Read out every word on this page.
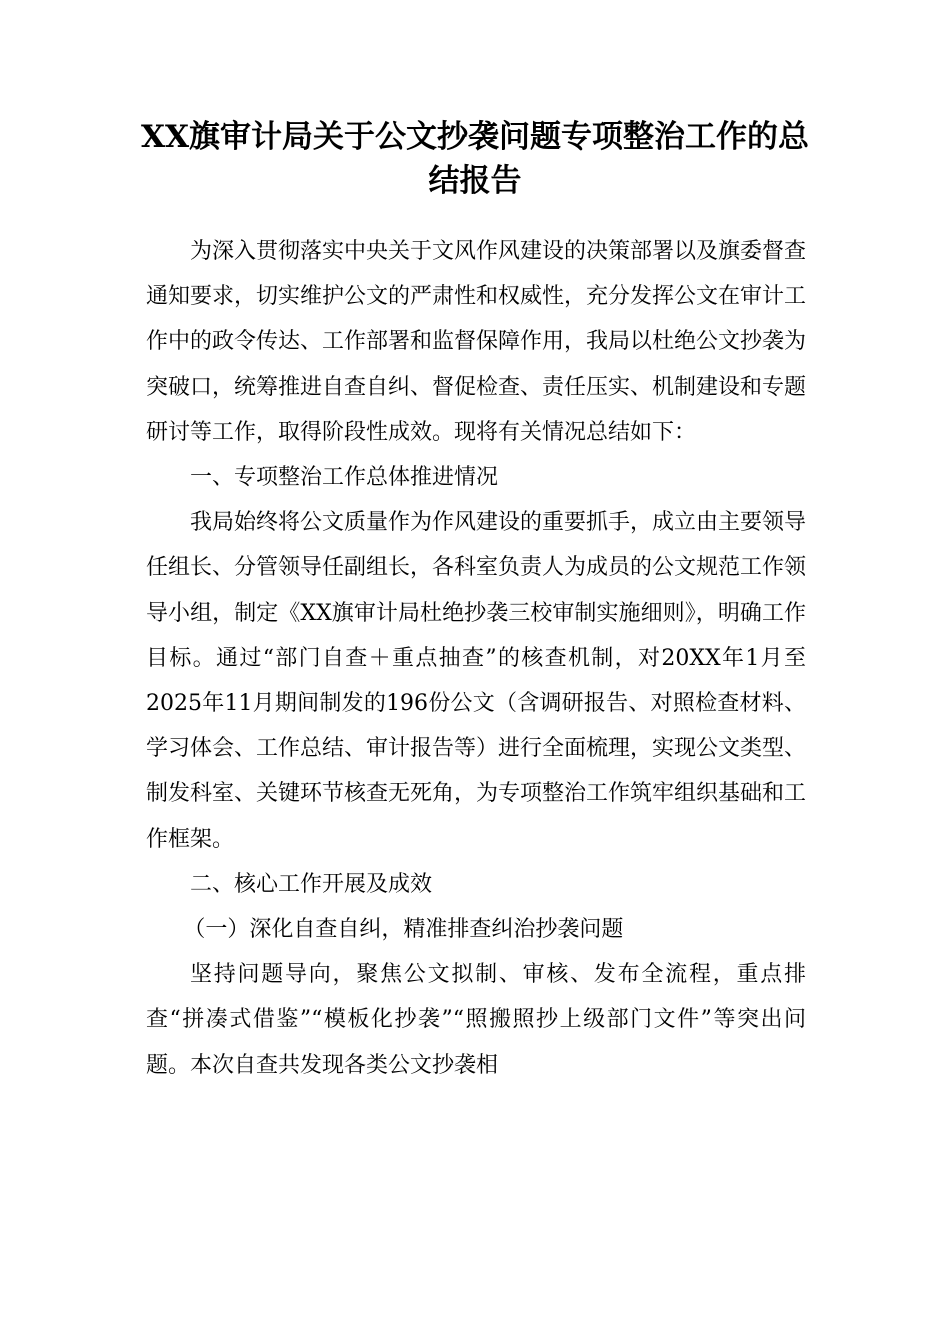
XX旗审计局关于公文抄袭问题专项整治工作的总结报告

为深入贯彻落实中央关于文风作风建设的决策部署以及旗委督查通知要求，切实维护公文的严肃性和权威性，充分发挥公文在审计工作中的政令传达、工作部署和监督保障作用，我局以杜绝公文抄袭为突破口，统筹推进自查自纠、督促检查、责任压实、机制建设和专题研讨等工作，取得阶段性成效。现将有关情况总结如下：

一、专项整治工作总体推进情况

我局始终将公文质量作为作风建设的重要抓手，成立由主要领导任组长、分管领导任副组长，各科室负责人为成员的公文规范工作领导小组，制定《XX旗审计局杜绝抄袭三校审制实施细则》，明确工作目标。通过“部门自查＋重点抽查”的核查机制，对20XX年1月至2025年11月期间制发的196份公文（含调研报告、对照检查材料、学习体会、工作总结、审计报告等）进行全面梳理，实现公文类型、制发科室、关键环节核查无死角，为专项整治工作筑牢组织基础和工作框架。

二、核心工作开展及成效

（一）深化自查自纠，精准排查纠治抄袭问题

坚持问题导向，聚焦公文拟制、审核、发布全流程，重点排查“拼凑式借鉴”“模板化抄袭”“照搬照抄上级部门文件”等突出问题。本次自查共发现各类公文抄袭相
